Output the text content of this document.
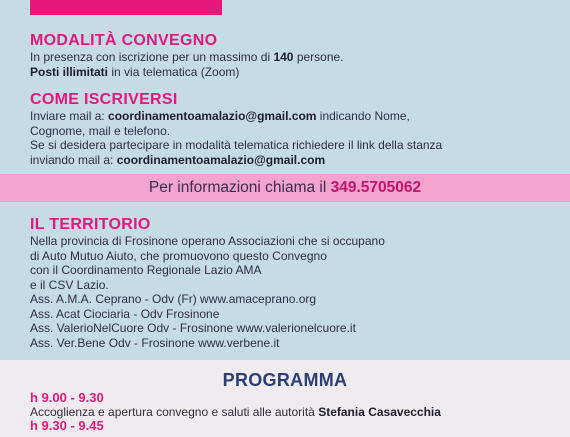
MODALITÀ CONVEGNO
In presenza con iscrizione per un massimo di 140 persone.
Posti illimitati in via telematica (Zoom)
COME ISCRIVERSI
Inviare mail a: coordinamentoamalazio@gmail.com indicando Nome,
Cognome, mail e telefono.
Se si desidera partecipare in modalità telematica richiedere il link della stanza
inviando mail a: coordinamentoamalazio@gmail.com
Per informazioni chiama il 349.5705062
IL TERRITORIO
Nella provincia di Frosinone operano Associazioni che si occupano
di Auto Mutuo Aiuto, che promuovono questo Convegno
con il Coordinamento Regionale Lazio AMA
e il CSV Lazio.
Ass. A.M.A. Ceprano - Odv (Fr) www.amaceprano.org
Ass. Acat Ciociaria - Odv Frosinone
Ass. ValerioNelCuore Odv - Frosinone www.valerionelcuore.it
Ass. Ver.Bene Odv - Frosinone www.verbene.it
PROGRAMMA
h 9.00 - 9.30
Accoglienza e apertura convegno e saluti alle autorità Stefania Casavecchia
h 9.30 - 9.45
